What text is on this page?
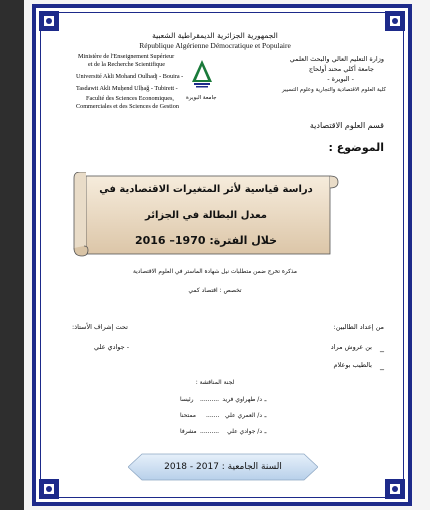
الجمهورية الجزائرية الديمقراطية الشعبية
République Algérienne Démocratique et Populaire
Ministère de l'Enseignement Supérieur
et de la Recherche Scientifique
Université Akli Mohand Oulhadj - Bouira -
Tasdawit Akli Muḥend Ulḥaǧ - Tubirett -
Faculté des Sciences Economiques,
Commerciales et des Sciences de Gestion
جامعة البويرة
وزارة التعليم العالي والبحث العلمي
جامعة أكلي محند أولحاج
- البويرة -
كلية العلوم الاقتصادية والتجارية وعلوم التسيير
قسم العلوم الاقتصادية
الموضوع :
دراسة قياسية لأثر المتغيرات الاقتصادية في
معدل البطالة في الجزائر
خلال الفترة: 1970– 2016
مذكرة تخرج ضمن متطلبات نيل شهادة الماستر في العلوم الاقتصادية
تخصص : اقتصاد كمي
من إعداد الطالبين:
بن عروش مراد
بالطيب بوعلام
_
_
تحت إشراف الأستاذ:
- جوادي علي
لجنة المناقشة :
-
د/ طهراوي فريد
..........
رئيسا
-
د/ العمري علي
.......
ممتحنا
-
د/ جوادي علي
..........
مشرفا
السنة الجامعية : 2017 - 2018
